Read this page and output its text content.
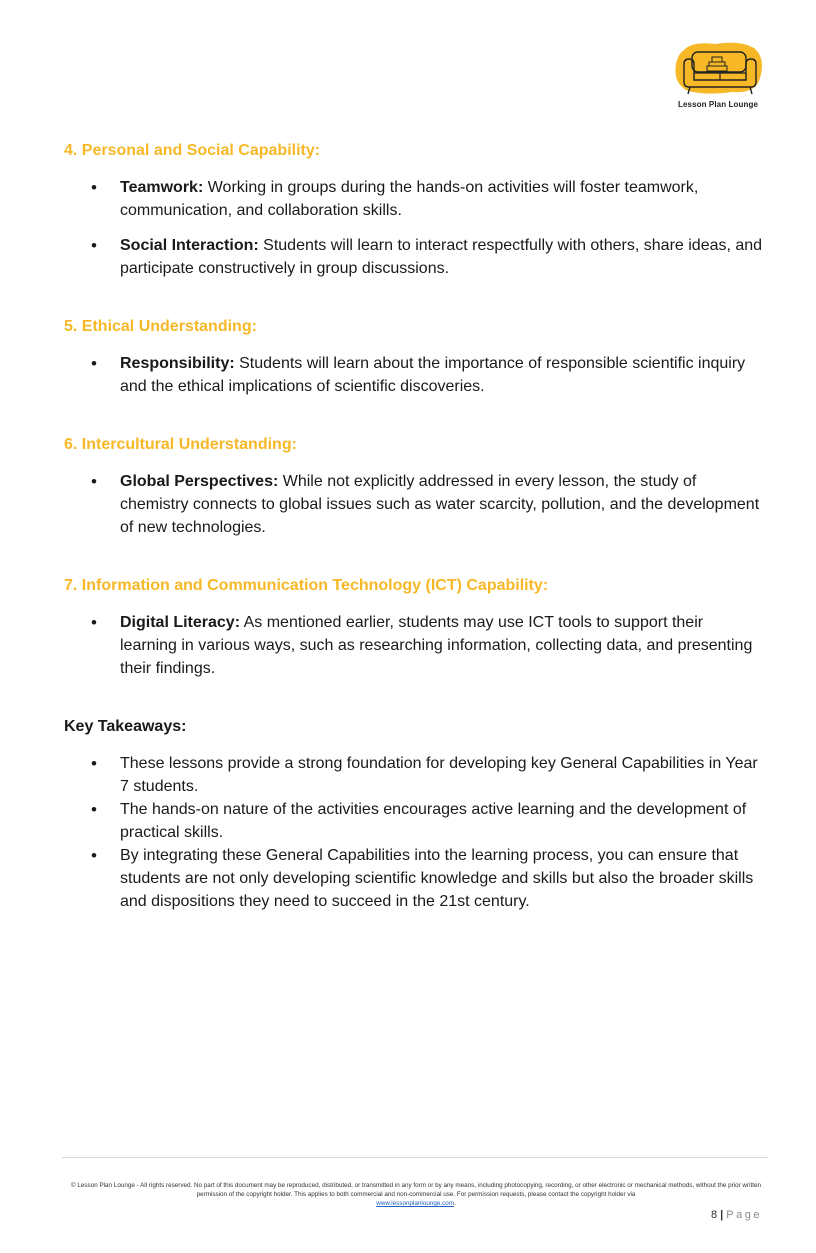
Lesson Plan Lounge
4. Personal and Social Capability:
• Teamwork: Working in groups during the hands-on activities will foster teamwork, communication, and collaboration skills.
• Social Interaction: Students will learn to interact respectfully with others, share ideas, and participate constructively in group discussions.
5. Ethical Understanding:
• Responsibility: Students will learn about the importance of responsible scientific inquiry and the ethical implications of scientific discoveries.
6. Intercultural Understanding:
• Global Perspectives: While not explicitly addressed in every lesson, the study of chemistry connects to global issues such as water scarcity, pollution, and the development of new technologies.
7. Information and Communication Technology (ICT) Capability:
• Digital Literacy: As mentioned earlier, students may use ICT tools to support their learning in various ways, such as researching information, collecting data, and presenting their findings.
Key Takeaways:
• These lessons provide a strong foundation for developing key General Capabilities in Year 7 students.
• The hands-on nature of the activities encourages active learning and the development of practical skills.
• By integrating these General Capabilities into the learning process, you can ensure that students are not only developing scientific knowledge and skills but also the broader skills and dispositions they need to succeed in the 21st century.
© Lesson Plan Lounge - All rights reserved. No part of this document may be reproduced, distributed, or transmitted in any form or by any means, including photocopying, recording, or other electronic or mechanical methods, without the prior written permission of the copyright holder. This applies to both commercial and non-commercial use. For permission requests, please contact the copyright holder via
www.lessonplanlounge.com.
8 | Page
